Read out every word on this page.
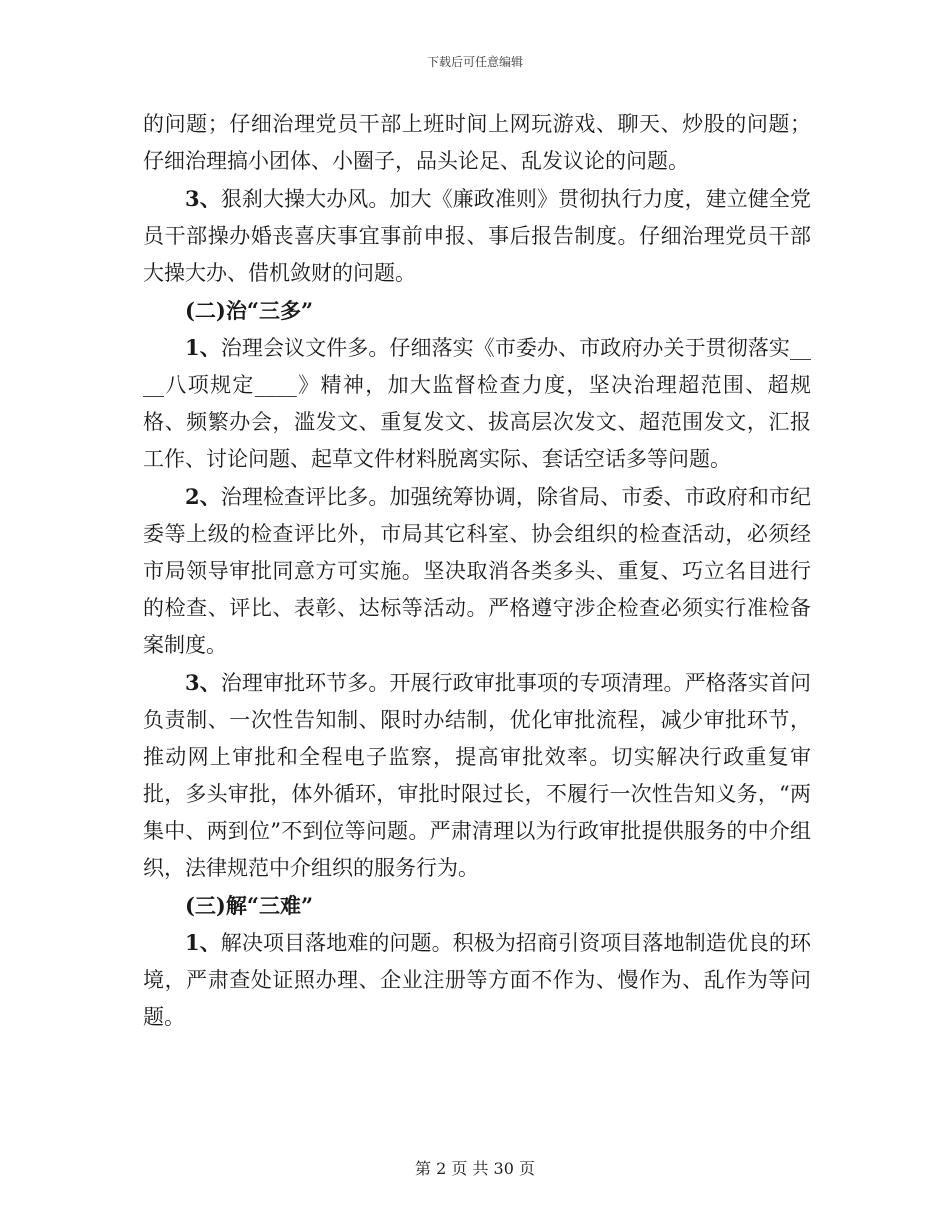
下载后可任意编辑

的问题；仔细治理党员干部上班时间上网玩游戏、聊天、炒股的问题；仔细治理搞小团体、小圈子，品头论足、乱发议论的问题。

3、狠刹大操大办风。加大《廉政准则》贯彻执行力度，建立健全党员干部操办婚丧喜庆事宜事前申报、事后报告制度。仔细治理党员干部大操大办、借机敛财的问题。

(二)治“三多”

1、治理会议文件多。仔细落实《市委办、市政府办关于贯彻落实____八项规定____》精神，加大监督检查力度，坚决治理超范围、超规格、频繁办会，滥发文、重复发文、拔高层次发文、超范围发文，汇报工作、讨论问题、起草文件材料脱离实际、套话空话多等问题。

2、治理检查评比多。加强统筹协调，除省局、市委、市政府和市纪委等上级的检查评比外，市局其它科室、协会组织的检查活动，必须经市局领导审批同意方可实施。坚决取消各类多头、重复、巧立名目进行的检查、评比、表彰、达标等活动。严格遵守涉企检查必须实行准检备案制度。

3、治理审批环节多。开展行政审批事项的专项清理。严格落实首问负责制、一次性告知制、限时办结制，优化审批流程，减少审批环节，推动网上审批和全程电子监察，提高审批效率。切实解决行政重复审批，多头审批，体外循环，审批时限过长，不履行一次性告知义务，“两集中、两到位”不到位等问题。严肃清理以为行政审批提供服务的中介组织，法律规范中介组织的服务行为。

(三)解“三难”

1、解决项目落地难的问题。积极为招商引资项目落地制造优良的环境，严肃查处证照办理、企业注册等方面不作为、慢作为、乱作为等问题。

第 2 页 共 30 页
